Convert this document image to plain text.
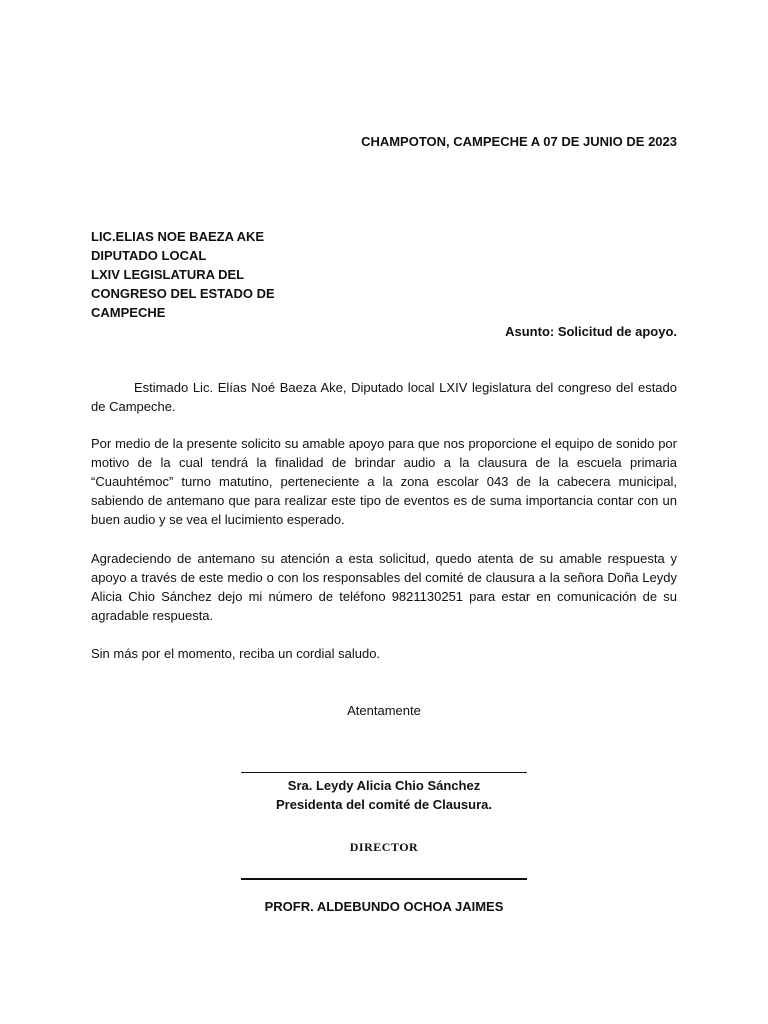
CHAMPOTON, CAMPECHE A 07 DE JUNIO DE 2023
LIC.ELIAS NOE BAEZA AKE
DIPUTADO LOCAL
LXIV LEGISLATURA DEL
CONGRESO DEL ESTADO DE
CAMPECHE
Asunto: Solicitud de apoyo.

Estimado Lic. Elías Noé Baeza Ake, Diputado local LXIV legislatura del congreso del estado de Campeche.

Por medio de la presente solicito su amable apoyo para que nos proporcione el equipo de sonido por motivo de la cual tendrá la finalidad de brindar audio a la clausura de la escuela primaria “Cuauhtémoc” turno matutino, perteneciente a la zona escolar 043 de la cabecera municipal, sabiendo de antemano que para realizar este tipo de eventos es de suma importancia contar con un buen audio y se vea el lucimiento esperado.

Agradeciendo de antemano su atención a esta solicitud, quedo atenta de su amable respuesta y apoyo a través de este medio o con los responsables del comité de clausura a la señora Doña Leydy Alicia Chio Sánchez dejo mi número de teléfono 9821130251 para estar en comunicación de su agradable respuesta.

Sin más por el momento, reciba un cordial saludo.

Atentamente
Sra. Leydy Alicia Chio Sánchez
Presidenta del comité de Clausura.
DIRECTOR
PROFR. ALDEBUNDO OCHOA JAIMES
